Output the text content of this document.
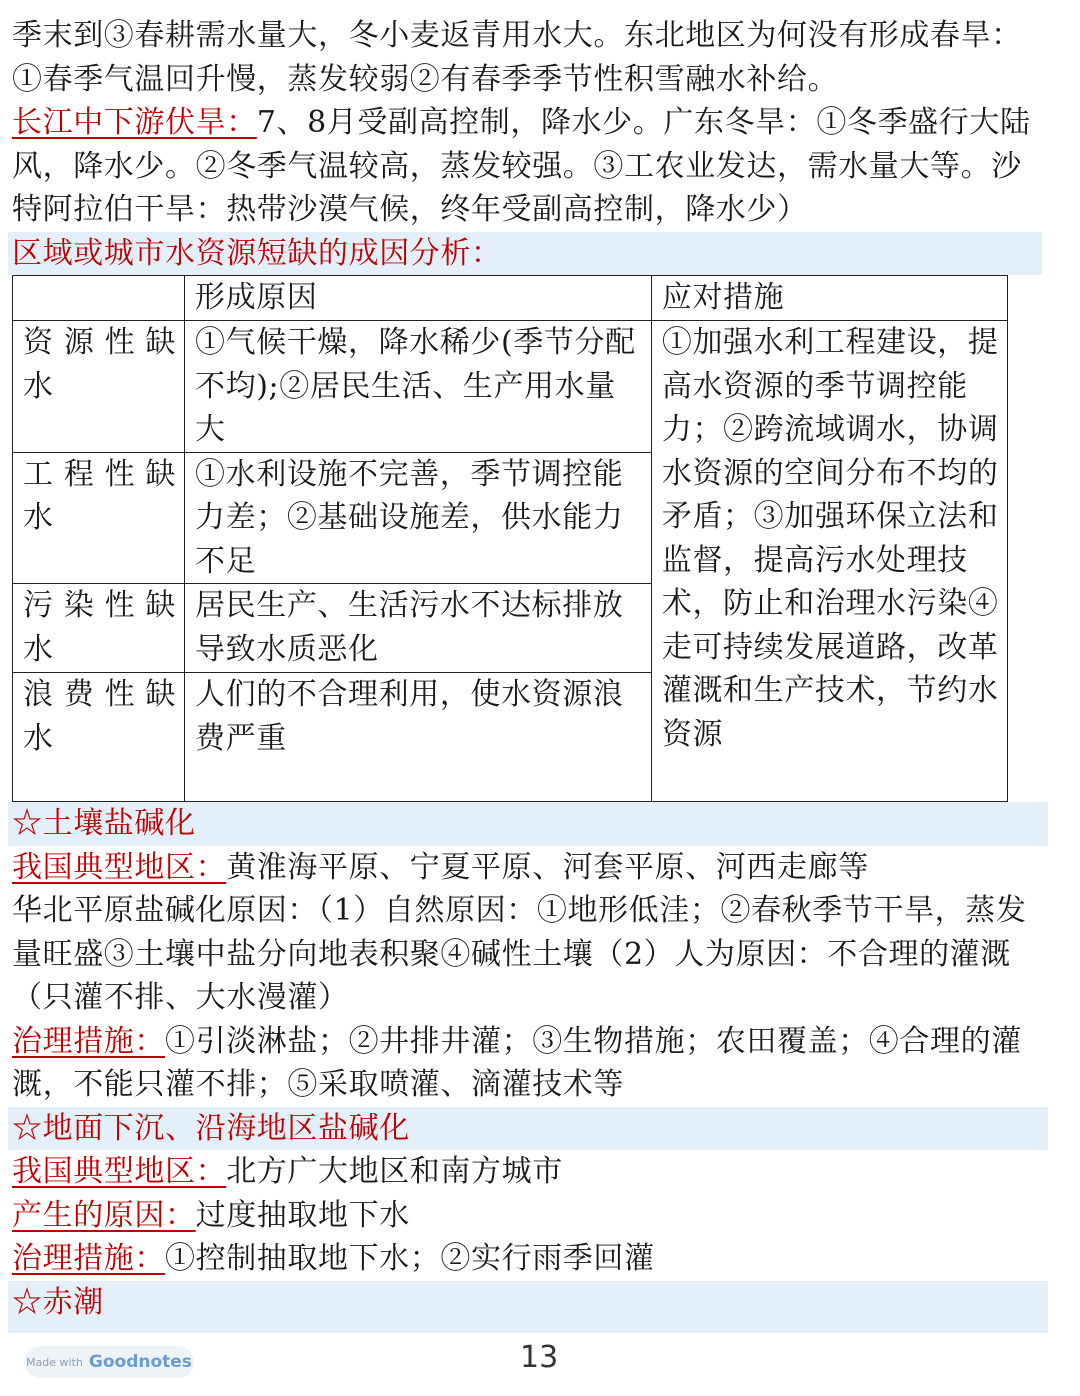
季末到③春耕需水量大，冬小麦返青用水大。东北地区为何没有形成春旱：

①春季气温回升慢，蒸发较弱②有春季季节性积雪融水补给。

长江中下游伏旱：7、8月受副高控制，降水少。广东冬旱：①冬季盛行大陆

风，降水少。②冬季气温较高，蒸发较强。③工农业发达，需水量大等。沙

特阿拉伯干旱：热带沙漠气候，终年受副高控制，降水少）

区域或城市水资源短缺的成因分析：

	形成原因	应对措施

资源性缺
水	①气候干燥，降水稀少(季节分配不均);②居民生活、生产用水量大	①加强水利工程建设，提高水资源的季节调控能力；②跨流域调水，协调水资源的空间分布不均的矛盾；③加强环保立法和监督，提高污水处理技术，防止和治理水污染④走可持续发展道路，改革灌溉和生产技术，节约水资源

工程性缺
水	①水利设施不完善，季节调控能力差；②基础设施差，供水能力不足	

污染性缺
水	居民生产、生活污水不达标排放导致水质恶化	

浪费性缺
水	人们的不合理利用，使水资源浪费严重	

☆土壤盐碱化

我国典型地区：黄淮海平原、宁夏平原、河套平原、河西走廊等

华北平原盐碱化原因：（1）自然原因：①地形低洼；②春秋季节干旱，蒸发量旺盛③土壤中盐分向地表积聚④碱性土壤（2）人为原因：不合理的灌溉（只灌不排、大水漫灌）

治理措施：①引淡淋盐；②井排井灌；③生物措施；农田覆盖；④合理的灌溉，不能只灌不排；⑤采取喷灌、滴灌技术等

☆地面下沉、沿海地区盐碱化

我国典型地区：北方广大地区和南方城市

产生的原因：过度抽取地下水

治理措施：①控制抽取地下水；②实行雨季回灌

☆赤潮

Made with Goodnotes	13
